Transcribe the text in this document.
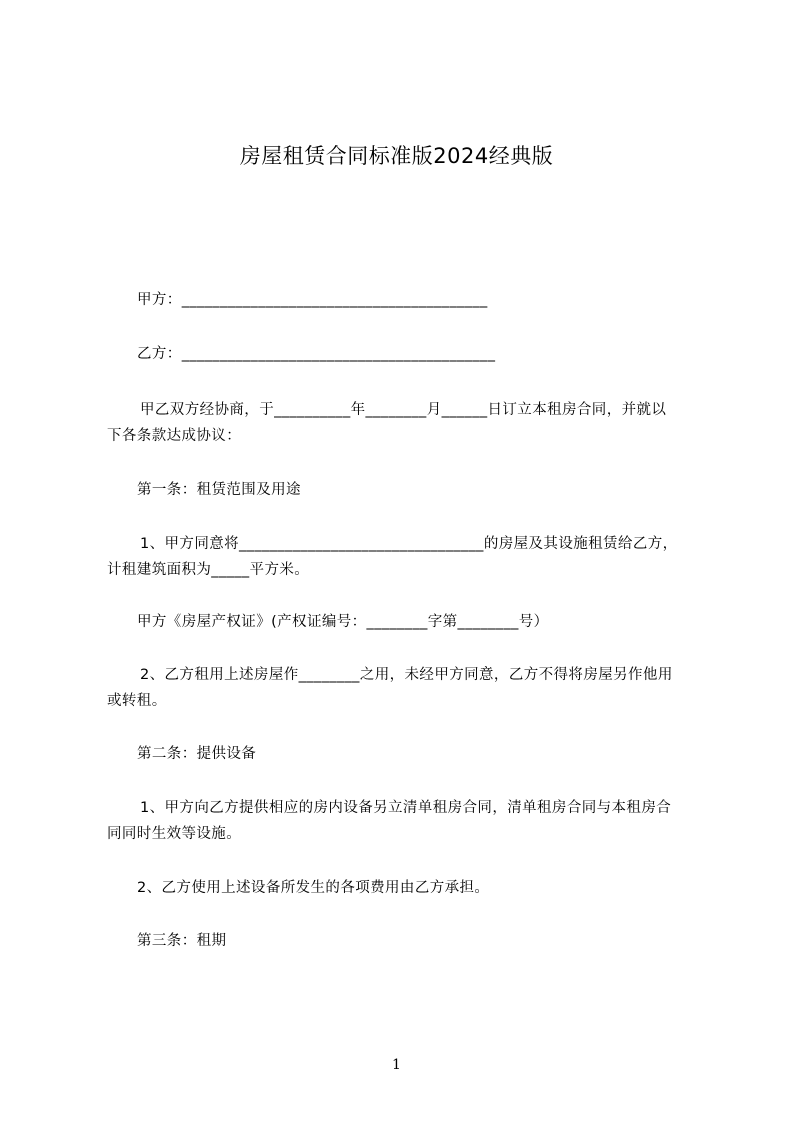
房屋租赁合同标准版2024经典版
甲方：________________________________________
乙方：_________________________________________
甲乙双方经协商，于__________年________月______日订立本租房合同，并就以
下各条款达成协议：
第一条：租赁范围及用途
1、甲方同意将________________________________的房屋及其设施租赁给乙方，
计租建筑面积为_____平方米。
甲方《房屋产权证》(产权证编号：________字第________号）
2、乙方租用上述房屋作________之用，未经甲方同意，乙方不得将房屋另作他用
或转租。
第二条：提供设备
1、甲方向乙方提供相应的房内设备另立清单租房合同，清单租房合同与本租房合
同同时生效等设施。
2、乙方使用上述设备所发生的各项费用由乙方承担。
第三条：租期
1
